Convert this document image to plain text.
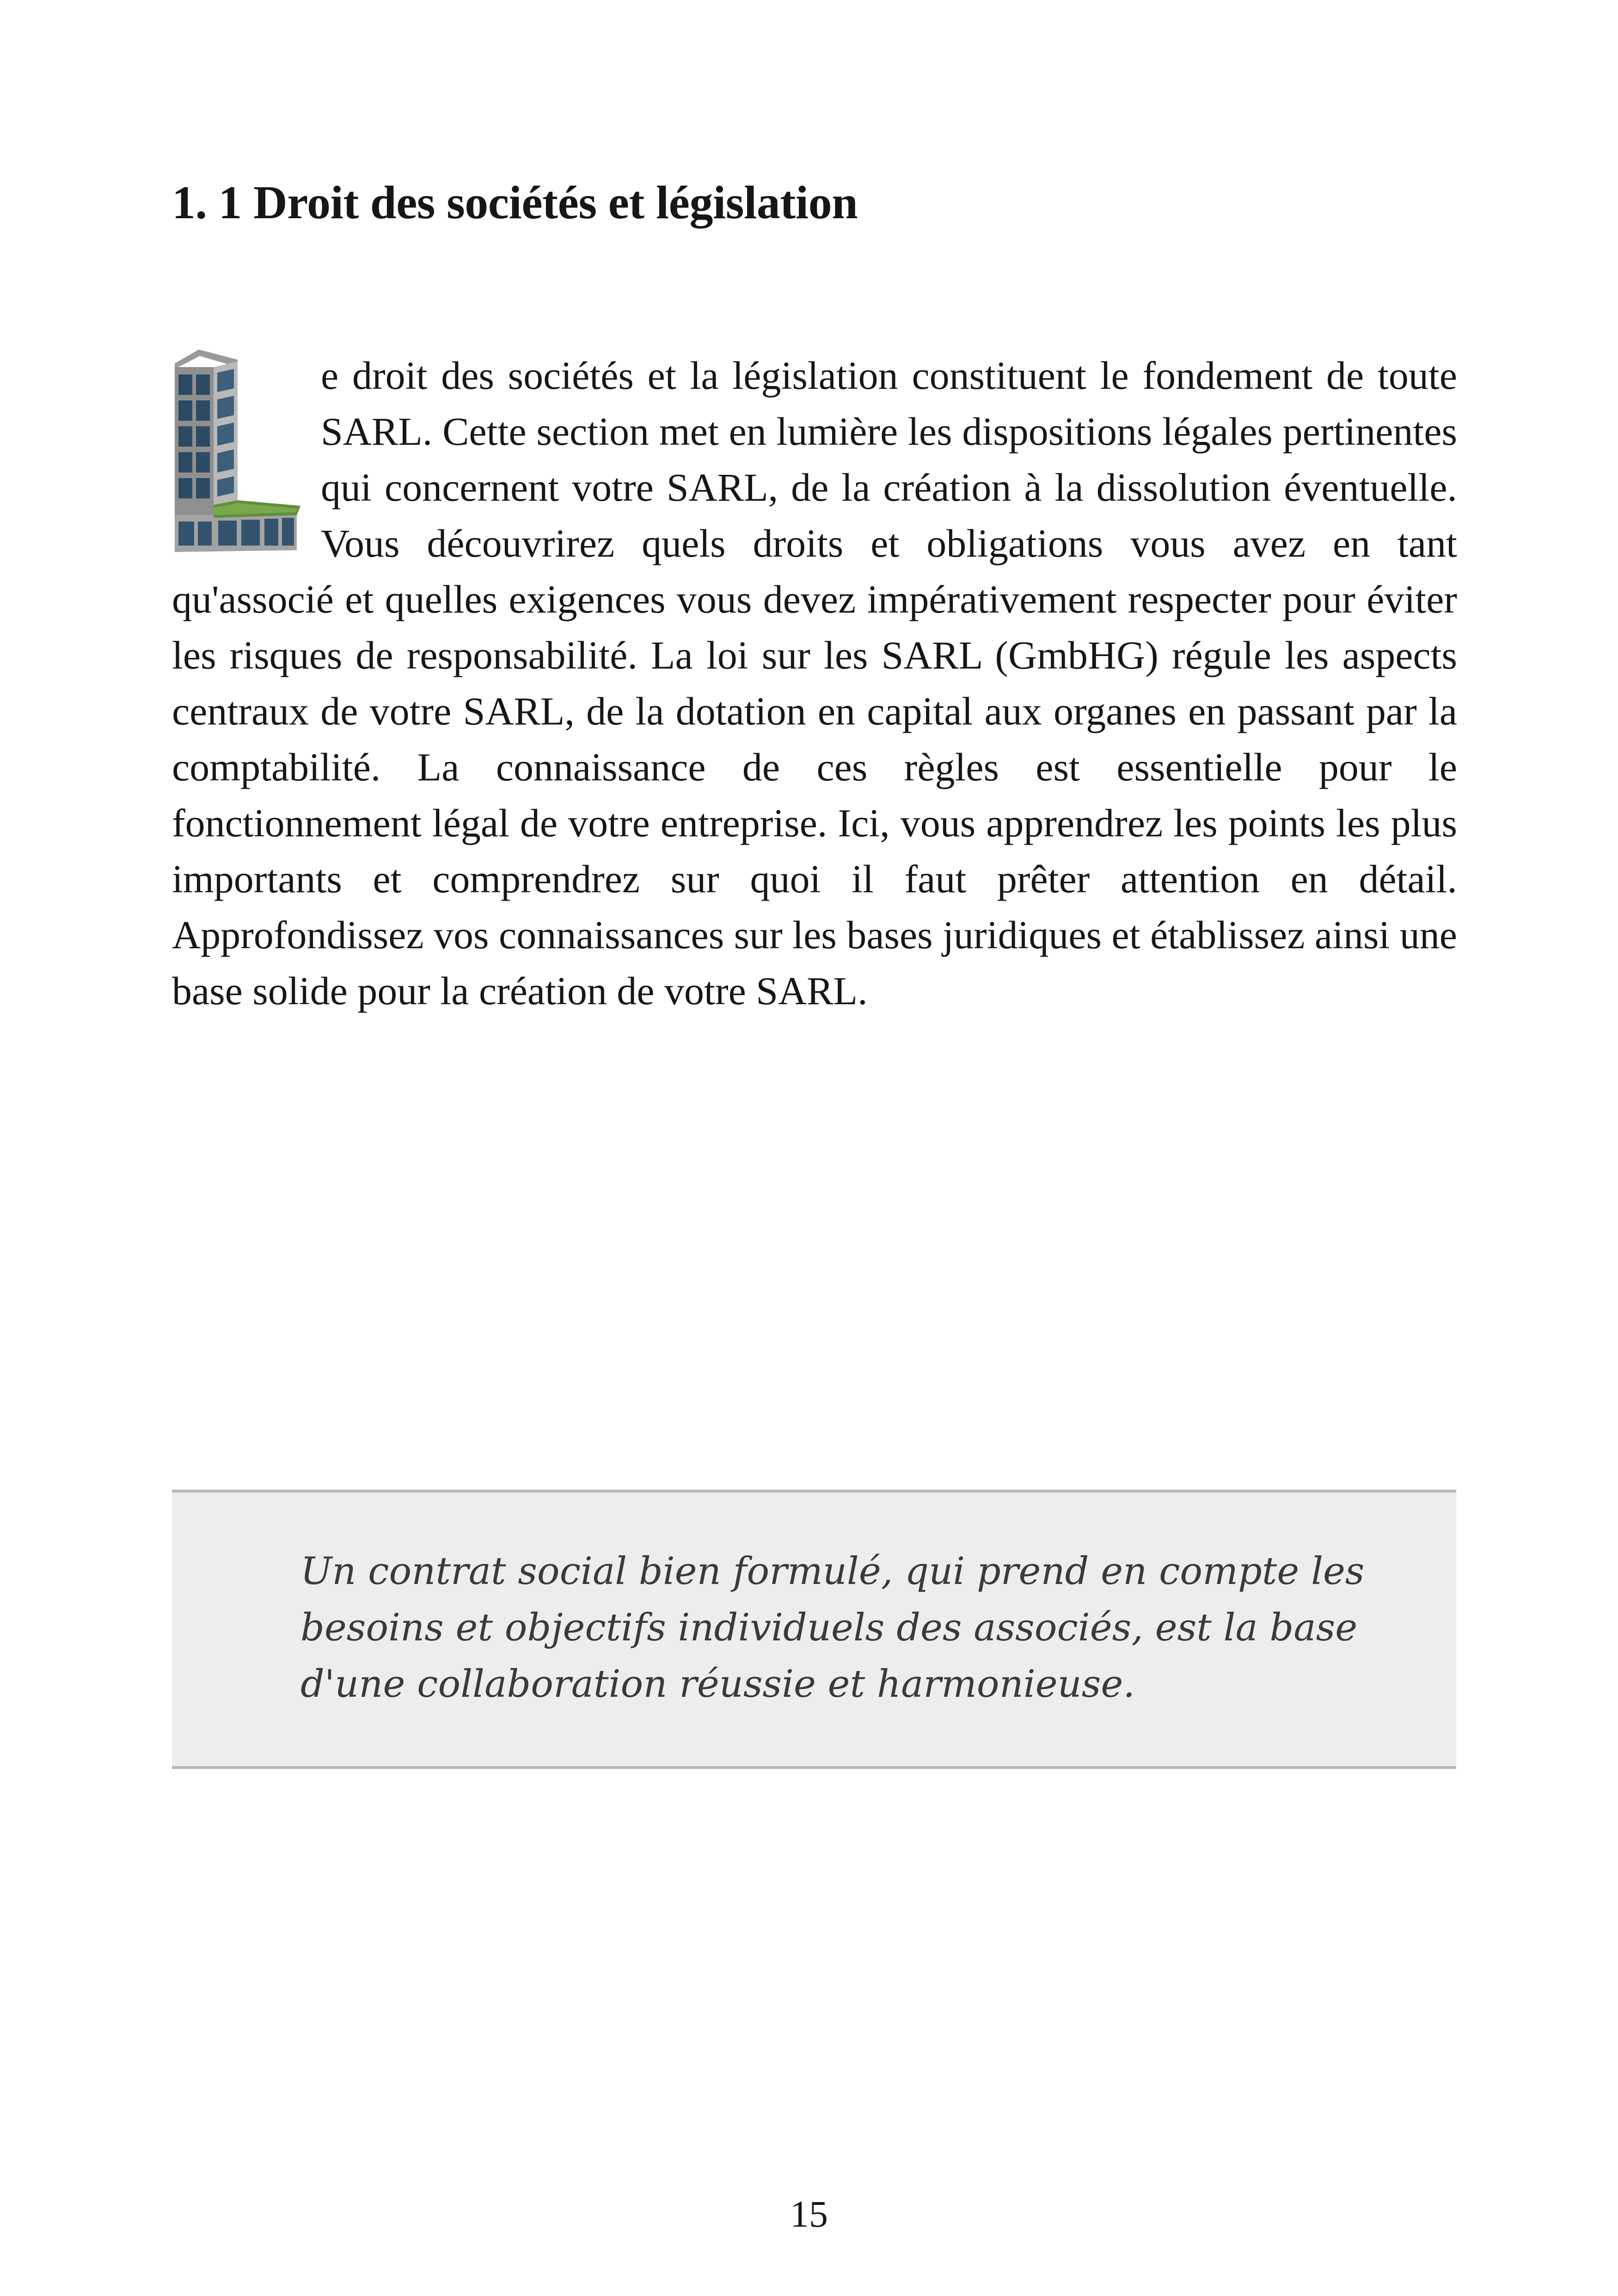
1. 1 Droit des sociétés et législation
e droit des sociétés et la législation constituent le fondement de toute SARL. Cette section met en lumière les dispositions légales pertinentes qui concernent votre SARL, de la création à la dissolution éventuelle. Vous découvrirez quels droits et obligations vous avez en tant qu'associé et quelles exigences vous devez impérativement respecter pour éviter les risques de responsabilité. La loi sur les SARL (GmbHG) régule les aspects centraux de votre SARL, de la dotation en capital aux organes en passant par la comptabilité. La connaissance de ces règles est essentielle pour le fonctionnement légal de votre entreprise. Ici, vous apprendrez les points les plus importants et comprendrez sur quoi il faut prêter attention en détail. Approfondissez vos connaissances sur les bases juridiques et établissez ainsi une base solide pour la création de votre SARL.

Un contrat social bien formulé, qui prend en compte les besoins et objectifs individuels des associés, est la base d'une collaboration réussie et harmonieuse.

15
